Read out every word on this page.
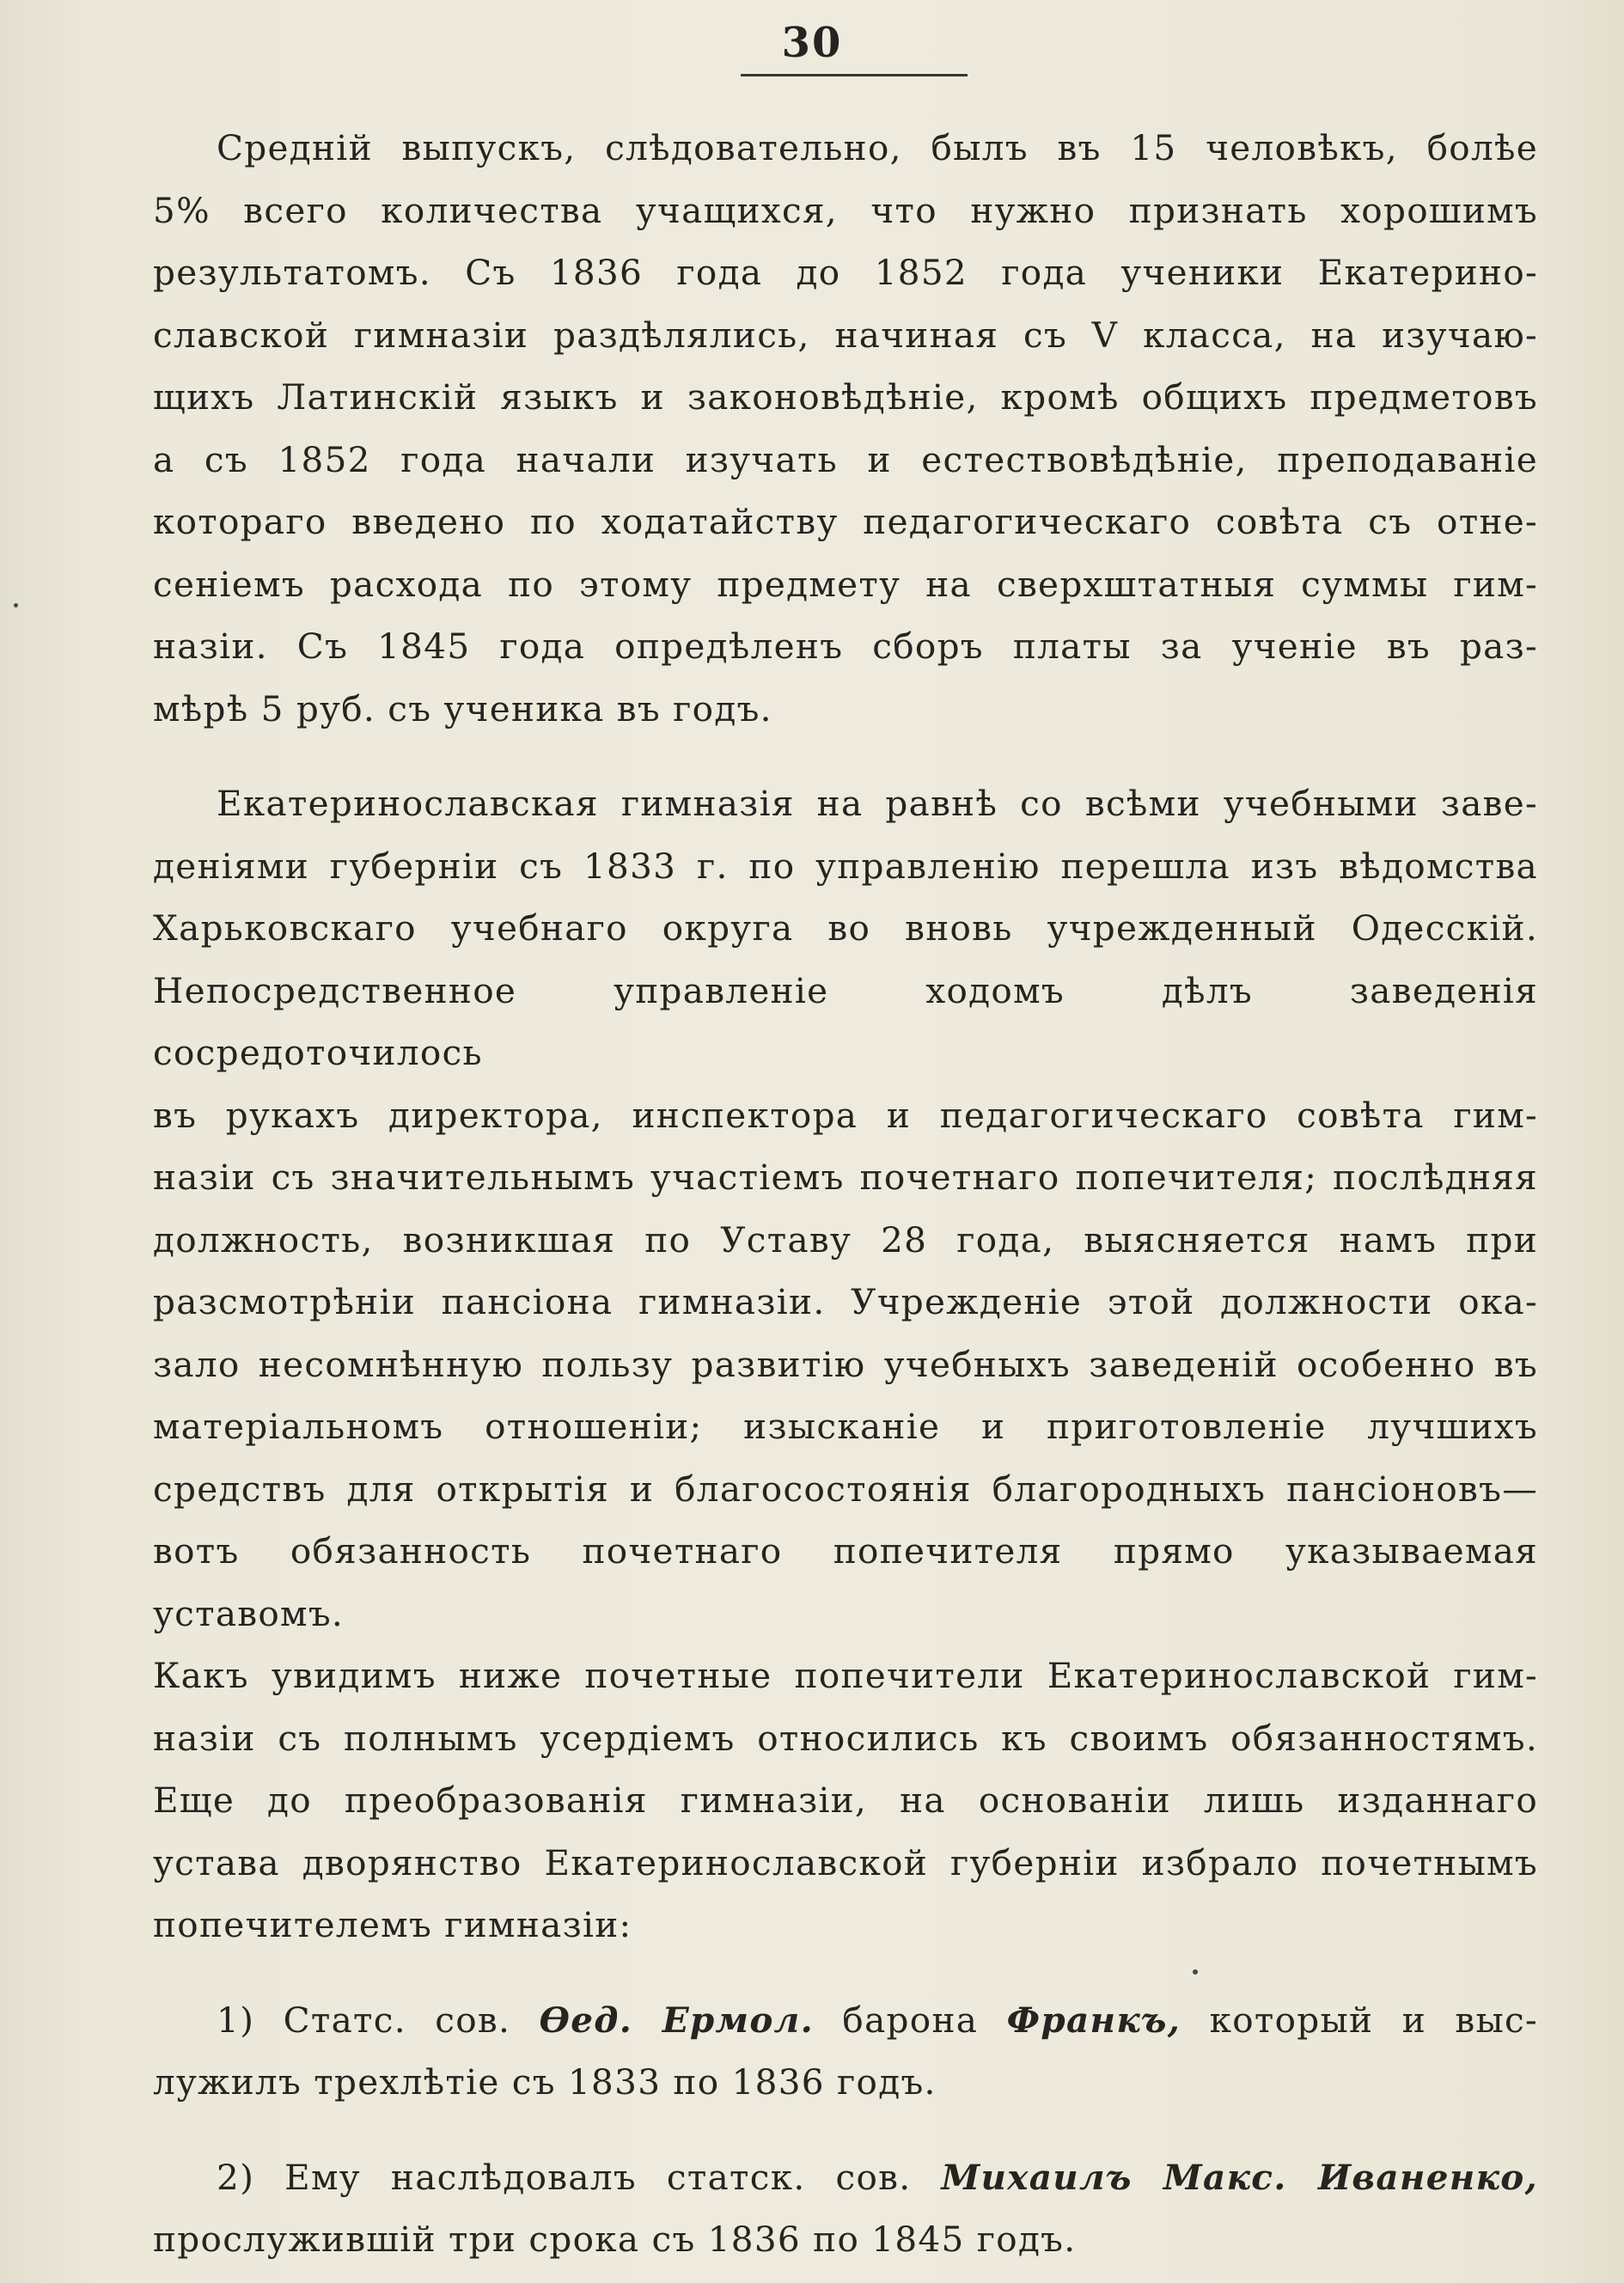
30

Среднiй выпускъ, слѣдовательно, былъ въ 15 человѣкъ, болѣе
5% всего количества учащихся, что нужно признать хорошимъ
результатомъ. Съ 1836 года до 1852 года ученики Екатерино-
славской гимназiи раздѣлялись, начиная съ V класса, на изучаю-
щихъ Латинскiй языкъ и законовѣдѣнiе, кромѣ общихъ предметовъ
а съ 1852 года начали изучать и естествовѣдѣнiе, преподаванiе
котораго введено по ходатайству педагогическаго совѣта съ отне-
сенiемъ расхода по этому предмету на сверхштатныя суммы гим-
назiи. Съ 1845 года опредѣленъ сборъ платы за ученiе въ раз-
мѣрѣ 5 руб. съ ученика въ годъ.

Екатеринославская гимназiя на равнѣ со всѣми учебными заве-
денiями губернiи съ 1833 г. по управленiю перешла изъ вѣдомства
Харьковскаго учебнаго округа во вновь учрежденный Одесскiй.
Непосредственное управленiе ходомъ дѣлъ заведенiя сосредоточилось
въ рукахъ директора, инспектора и педагогическаго совѣта гим-
назiи съ значительнымъ участiемъ почетнаго попечителя; послѣдняя
должность, возникшая по Уставу 28 года, выясняется намъ при
разсмотрѣнiи пансiона гимназiи. Учрежденiе этой должности ока-
зало несомнѣнную пользу развитiю учебныхъ заведенiй особенно въ
матерiальномъ отношенiи; изысканiе и приготовленiе лучшихъ
средствъ для открытiя и благосостоянiя благородныхъ пансiоновъ—
вотъ обязанность почетнаго попечителя прямо указываемая уставомъ.
Какъ увидимъ ниже почетные попечители Екатеринославской гим-
назiи съ полнымъ усердiемъ относились къ своимъ обязанностямъ.
Еще до преобразованiя гимназiи, на основанiи лишь изданнаго
устава дворянство Екатеринославской губернiи избрало почетнымъ
попечителемъ гимназiи:

1) Статс. сов. Ѳед. Ермол. барона Франкъ, который и выс-
лужилъ трехлѣтiе съ 1833 по 1836 годъ.

2) Ему наслѣдовалъ статск. сов. Михаилъ Макс. Иваненко,
прослужившiй три срока съ 1836 по 1845 годъ.
